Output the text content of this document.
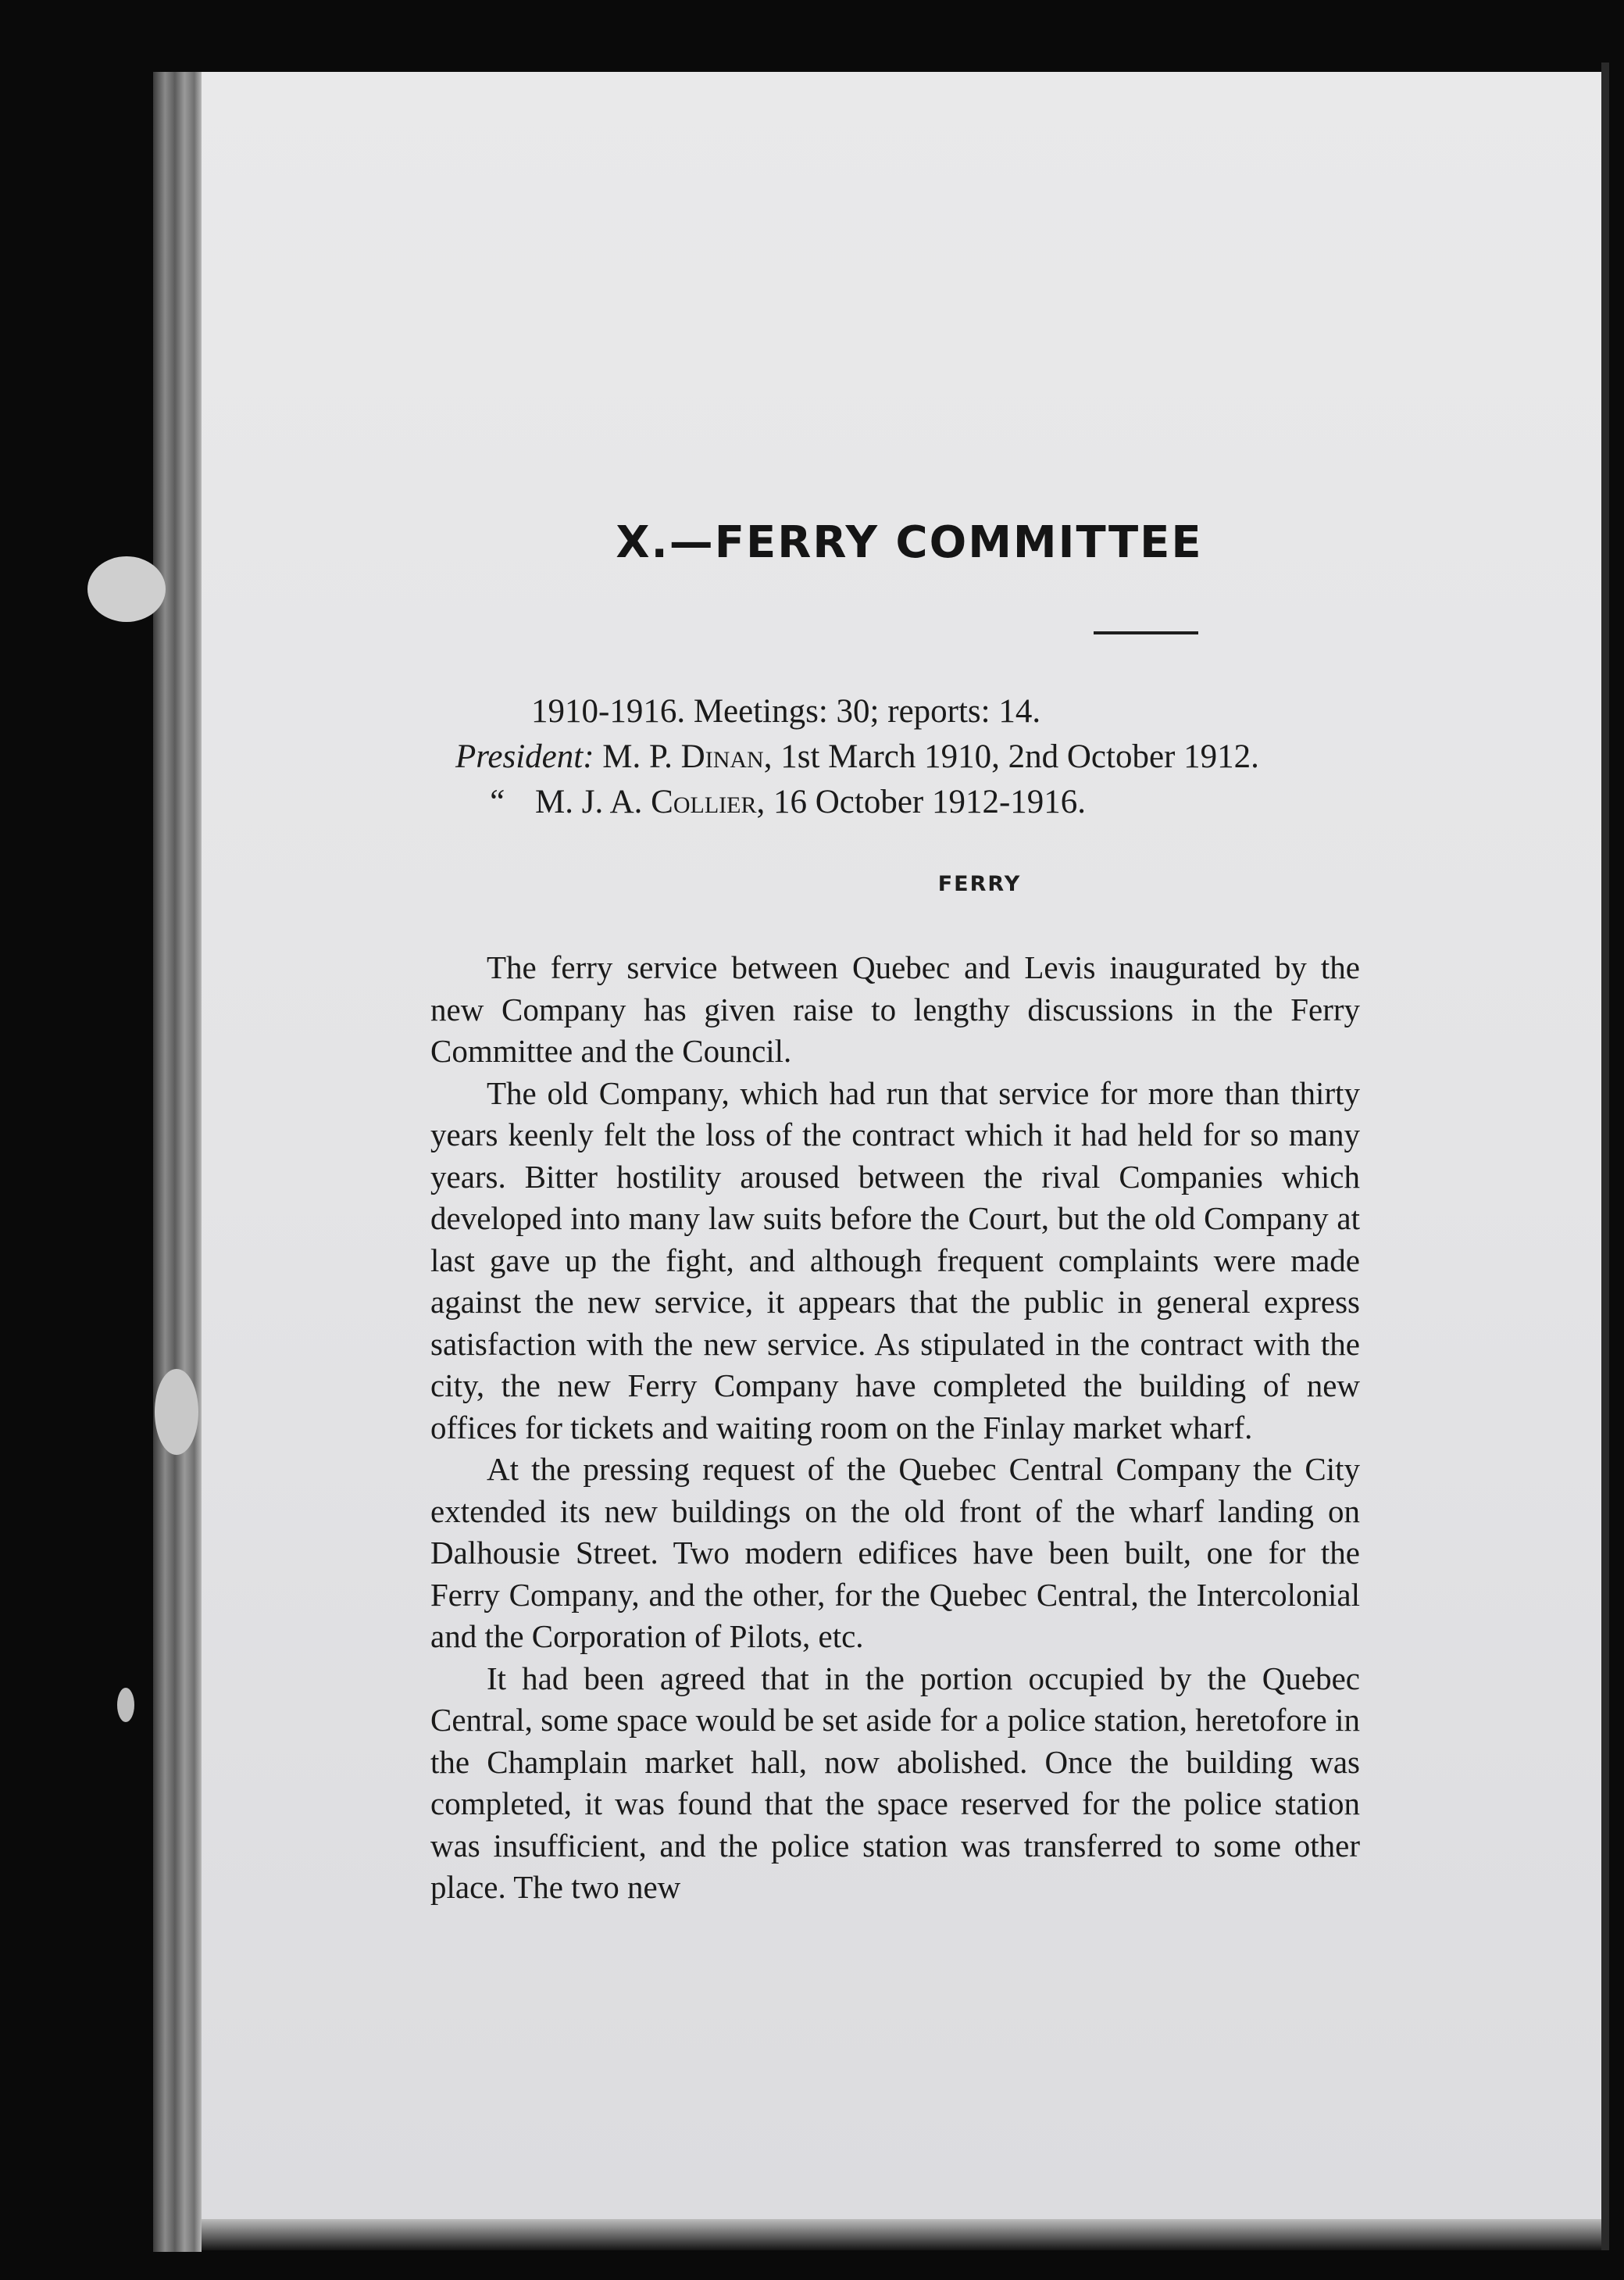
X.—FERRY COMMITTEE
1910-1916. Meetings: 30; reports: 14.
President: M. P. Dinan, 1st March 1910, 2nd October 1912.
“ M. J. A. Collier, 16 October 1912-1916.
FERRY

The ferry service between Quebec and Levis inaugurated by the new Company has given raise to lengthy discussions in the Ferry Committee and the Council.

The old Company, which had run that service for more than thirty years keenly felt the loss of the contract which it had held for so many years. Bitter hostility aroused between the rival Companies which developed into many law suits before the Court, but the old Company at last gave up the fight, and although frequent complaints were made against the new service, it appears that the public in general express satisfaction with the new service. As stipulated in the contract with the city, the new Ferry Company have completed the building of new offices for tickets and waiting room on the Finlay market wharf.

At the pressing request of the Quebec Central Company the City extended its new buildings on the old front of the wharf landing on Dalhousie Street. Two modern edifices have been built, one for the Ferry Company, and the other, for the Quebec Central, the Intercolonial and the Corporation of Pilots, etc.

It had been agreed that in the portion occupied by the Quebec Central, some space would be set aside for a police station, heretofore in the Champlain market hall, now abolished. Once the building was completed, it was found that the space reserved for the police station was insufficient, and the police station was transferred to some other place. The two new
